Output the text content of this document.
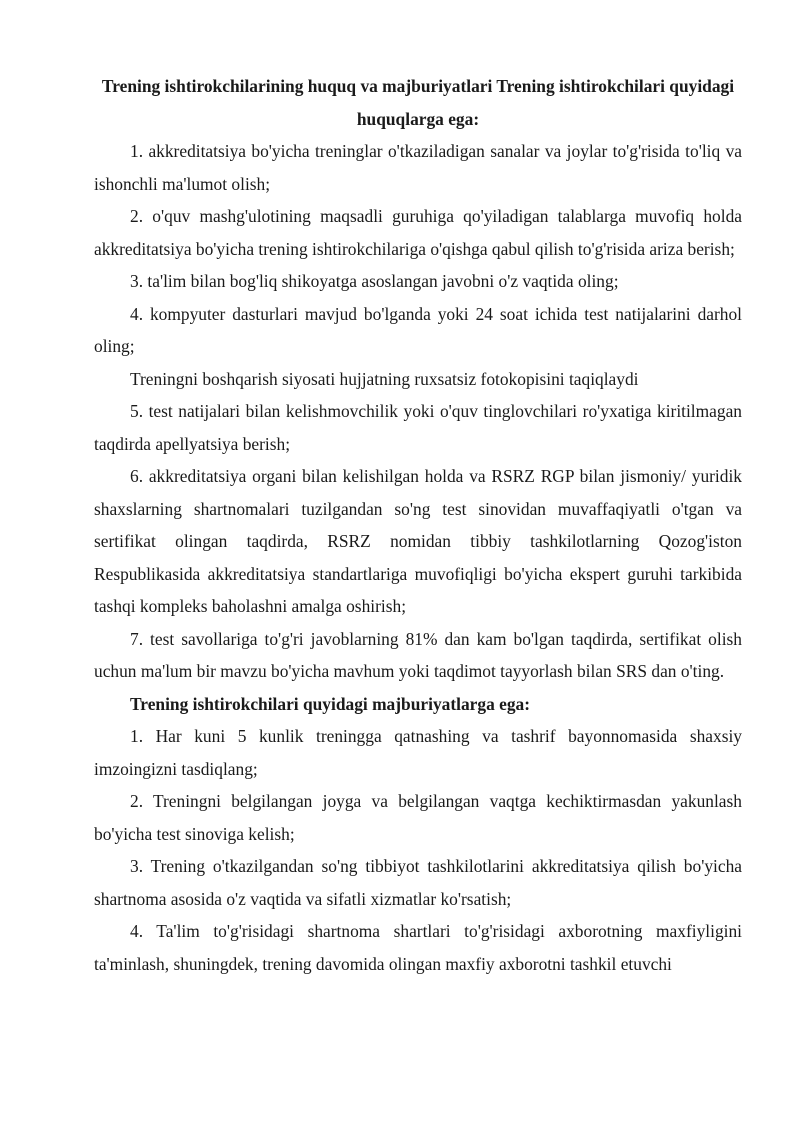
Trening ishtirokchilarining huquq va majburiyatlari Trening ishtirokchilari quyidagi huquqlarga ega:

1. akkreditatsiya bo'yicha treninglar o'tkaziladigan sanalar va joylar to'g'risida to'liq va ishonchli ma'lumot olish;

2. o'quv mashg'ulotining maqsadli guruhiga qo'yiladigan talablarga muvofiq holda akkreditatsiya bo'yicha trening ishtirokchilariga o'qishga qabul qilish to'g'risida ariza berish;

3. ta'lim bilan bog'liq shikoyatga asoslangan javobni o'z vaqtida oling;

4. kompyuter dasturlari mavjud bo'lganda yoki 24 soat ichida test natijalarini darhol oling;

Treningni boshqarish siyosati hujjatning ruxsatsiz fotokopisini taqiqlaydi

5. test natijalari bilan kelishmovchilik yoki o'quv tinglovchilari ro'yxatiga kiritilmagan taqdirda apellyatsiya berish;

6. akkreditatsiya organi bilan kelishilgan holda va RSRZ RGP bilan jismoniy/ yuridik shaxslarning shartnomalari tuzilgandan so'ng test sinovidan muvaffaqiyatli o'tgan va sertifikat olingan taqdirda, RSRZ nomidan tibbiy tashkilotlarning Qozog'iston Respublikasida akkreditatsiya standartlariga muvofiqligi bo'yicha ekspert guruhi tarkibida tashqi kompleks baholashni amalga oshirish;

7. test savollariga to'g'ri javoblarning 81% dan kam bo'lgan taqdirda, sertifikat olish uchun ma'lum bir mavzu bo'yicha mavhum yoki taqdimot tayyorlash bilan SRS dan o'ting.

Trening ishtirokchilari quyidagi majburiyatlarga ega:

1. Har kuni 5 kunlik treningga qatnashing va tashrif bayonnomasida shaxsiy imzoingizni tasdiqlang;

2. Treningni belgilangan joyga va belgilangan vaqtga kechiktirmasdan yakunlash bo'yicha test sinoviga kelish;

3. Trening o'tkazilgandan so'ng tibbiyot tashkilotlarini akkreditatsiya qilish bo'yicha shartnoma asosida o'z vaqtida va sifatli xizmatlar ko'rsatish;

4. Ta'lim to'g'risidagi shartnoma shartlari to'g'risidagi axborotning maxfiyligini ta'minlash, shuningdek, trening davomida olingan maxfiy axborotni tashkil etuvchi
